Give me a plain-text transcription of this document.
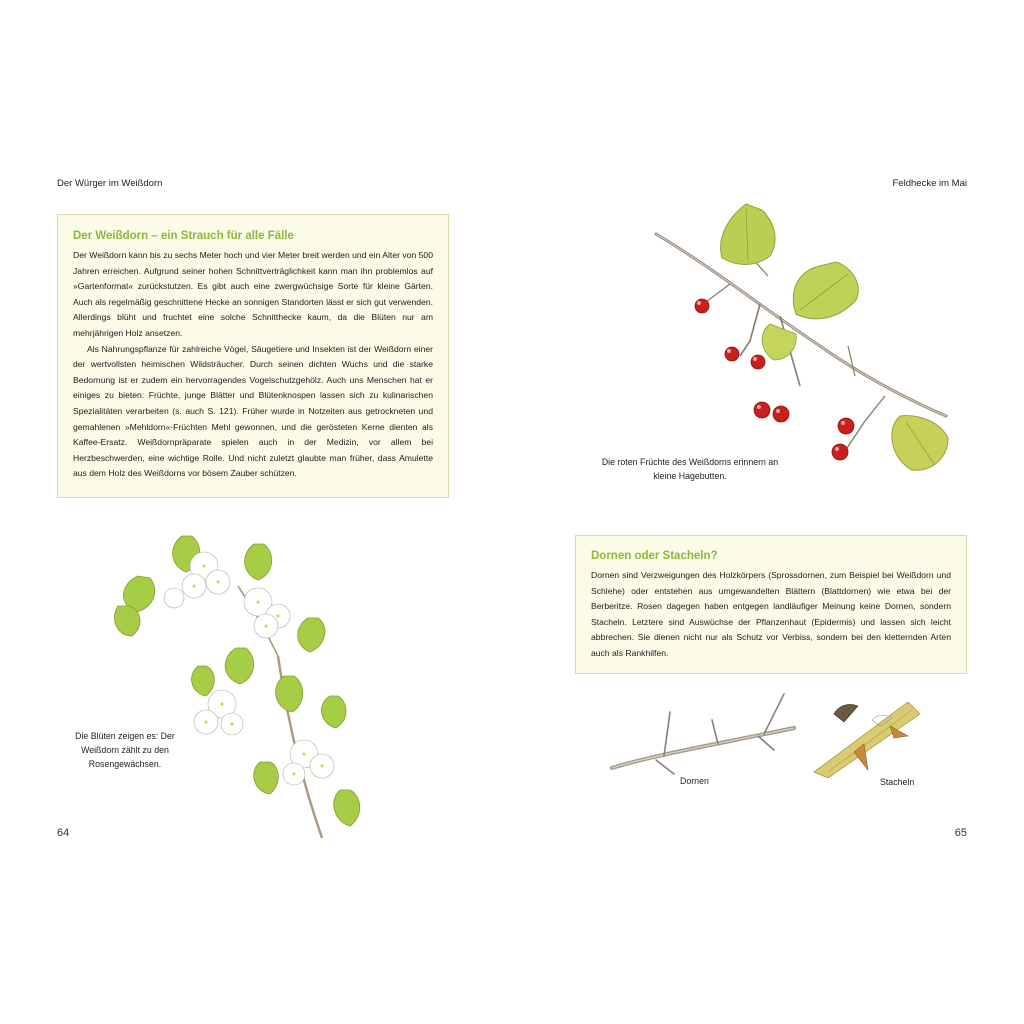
Der Würger im Weißdorn	Feldhecke im Mai
Der Weißdorn – ein Strauch für alle Fälle

Der Weißdorn kann bis zu sechs Meter hoch und vier Meter breit werden und ein Alter von 500 Jahren erreichen. Aufgrund seiner hohen Schnittverträglichkeit kann man ihn problemlos auf »Gartenformat« zurückstutzen. Es gibt auch eine zwergwüchsige Sorte für kleine Gärten. Auch als regelmäßig geschnittene Hecke an sonnigen Standorten lässt er sich gut verwenden. Allerdings blüht und fruchtet eine solche Schnitthecke kaum, da die Blüten nur am mehrjährigen Holz ansetzen.

Als Nahrungspflanze für zahlreiche Vögel, Säugetiere und Insekten ist der Weißdorn einer der wertvollsten heimischen Wildsträucher. Durch seinen dichten Wuchs und die starke Bedornung ist er zudem ein hervorragendes Vogelschutzgehölz. Auch uns Menschen hat er einiges zu bieten: Früchte, junge Blätter und Blütenknospen lassen sich zu kulinarischen Spezialitäten verarbeiten (s. auch S. 121). Früher wurde in Notzeiten aus getrockneten und gemahlenen »Mehldorn«-Früchten Mehl gewonnen, und die gerösteten Kerne dienten als Kaffee-Ersatz. Weißdornpräparate spielen auch in der Medizin, vor allem bei Herzbeschwerden, eine wichtige Rolle. Und nicht zuletzt glaubte man früher, dass Amulette aus dem Holz des Weißdorns vor bösem Zauber schützen.

Die roten Früchte des Weißdorns erinnern an kleine Hagebutten.
Die Blüten zeigen es: Der Weißdorn zählt zu den Rosengewächsen.
Dornen oder Stacheln?

Dornen sind Verzweigungen des Holzkörpers (Sprossdornen, zum Beispiel bei Weißdorn und Schlehe) oder entstehen aus umgewandelten Blättern (Blattdornen) wie etwa bei der Berberitze. Rosen dagegen haben entgegen landläufiger Meinung keine Dornen, sondern Stacheln. Letztere sind Auswüchse der Pflanzenhaut (Epidermis) und lassen sich leicht abbrechen. Sie dienen nicht nur als Schutz vor Verbiss, sondern bei den kletternden Arten auch als Rankhilfen.

Dornen	Stacheln
64	65
